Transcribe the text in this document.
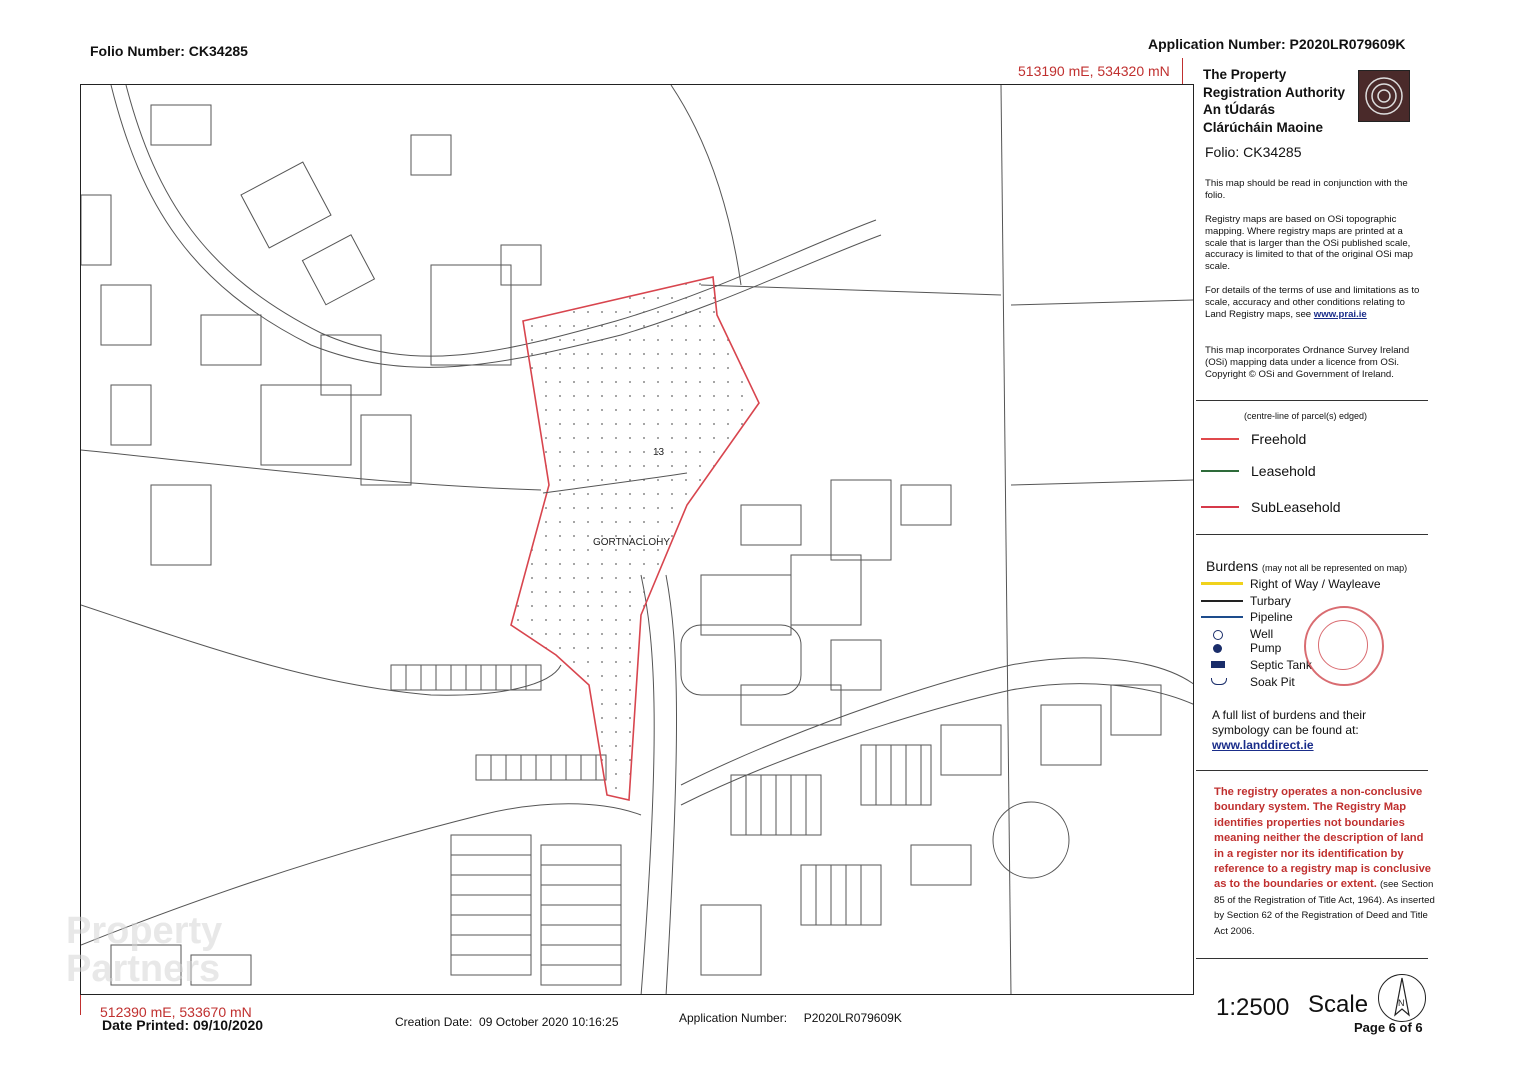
Folio Number: CK34285	Application Number: P2020LR079609K
513190 mE, 534320 mN
13
GORTNACLOHY
512390 mE, 533670 mN
Date Printed: 09/10/2020	Creation Date: 09 October 2020 10:16:25	Application Number: P2020LR079609K
Property
Partners
The Property
Registration Authority
An tÚdarás
Clárúcháin Maoine
Folio: CK34285
This map should be read in conjunction with the folio.
Registry maps are based on OSi topographic mapping. Where registry maps are printed at a scale that is larger than the OSi published scale, accuracy is limited to that of the original OSi map scale.
For details of the terms of use and limitations as to scale, accuracy and other conditions relating to Land Registry maps, see www.prai.ie
This map incorporates Ordnance Survey Ireland (OSi) mapping data under a licence from OSi. Copyright © OSi and Government of Ireland.
(centre-line of parcel(s) edged)
Freehold
Leasehold
SubLeasehold
Burdens (may not all be represented on map)
Right of Way / Wayleave
Turbary
Pipeline
Well
Pump
Septic Tank
Soak Pit
A full list of burdens and their symbology can be found at:
www.landdirect.ie
The registry operates a non-conclusive boundary system. The Registry Map identifies properties not boundaries meaning neither the description of land in a register nor its identification by reference to a registry map is conclusive as to the boundaries or extent. (see Section 85 of the Registration of Title Act, 1964). As inserted by Section 62 of the Registration of Deed and Title Act 2006.
1:2500 Scale	N
Page 6 of 6
